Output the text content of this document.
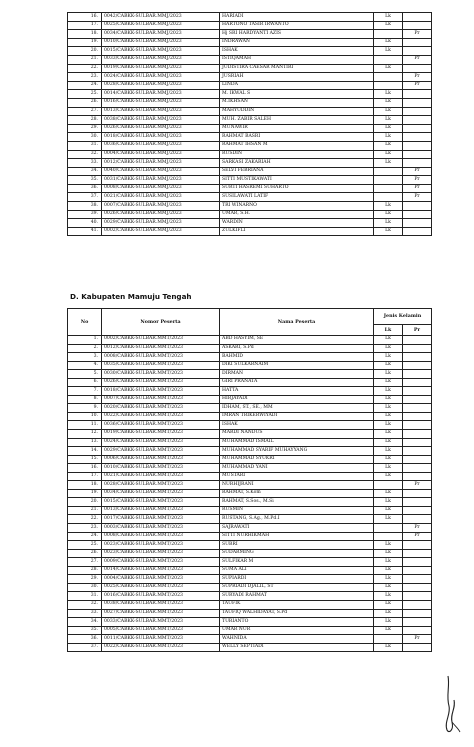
16.	0042/CABKK-SULBAR.MMJ/2023	HARIADI	Lk	
17.	0025/CABKK-SULBAR.MMJ/2023	HARTONO TASIR IRWANTO	Lk	
18.	0034/CABKK-SULBAR.MMJ/2023	Hj SRI HARDYANTI AZIS		Pr
19.	0010/CABKK-SULBAR.MMJ/2023	INDRAWAN	Lk	
20.	0015/CABKK-SULBAR.MMJ/2023	ISHAK	Lk	
21.	0033/CABKK-SULBAR.MMJ/2023	ISTIQAMAH		Pr
22.	0019/CABKK-SULBAR.MMJ/2023	JUDISTIRA CAESAR MANTIRI	Lk	
23.	0024/CABKK-SULBAR.MMJ/2023	JUSRIAH		Pr
24.	0028/CABKK-SULBAR.MMJ/2023	LINDA		Pr
25.	0014/CABKK-SULBAR.MMJ/2023	M. IKWAL S	Lk	
26.	0016/CABKK-SULBAR.MMJ/2023	M.IKHSAN	Lk	
27.	0013/CABKK-SULBAR.MMJ/2023	MAHYUDDIN	Lk	
28.	0038/CABKK-SULBAR.MMJ/2023	MUH. ZABIR SALEH	Lk	
29.	0026/CABKK-SULBAR.MMJ/2023	MUNAWIR	Lk	
30.	0018/CABKK-SULBAR.MMJ/2023	RAHMAT BASRI	Lk	
31.	0036/CABKK-SULBAR.MMJ/2023	RAHMAT IHSAN M	Lk	
32.	0004/CABKK-SULBAR.MMJ/2023	RUSDIN	Lk	
33.	0012/CABKK-SULBAR.MMJ/2023	SARKASI ZAKARIAH	Lk	
34.	0040/CABKK-SULBAR.MMJ/2023	SELVI FEBRIANA		Pr
35.	0031/CABKK-SULBAR.MMJ/2023	SITTI MUSTIKAWATI		Pr
36.	0008/CABKK-SULBAR.MMJ/2023	SURTI HASREMI SUHARTO		Pr
37.	0021/CABKK-SULBAR.MMJ/2023	SUSILAWATI LATIF		Pr
38.	0007/CABKK-SULBAR.MMJ/2023	TRI WINARNO	Lk	
39.	0026/CABKK-SULBAR.MMJ/2023	UMAR, S.H.	Lk	
40.	0029/CABKK-SULBAR.MMJ/2023	WARDIN	Lk	
41.	0002/CABKK-SULBAR.MMJ/2023	ZULKIFLI	Lk	
D. Kabupaten Mamuju Tengah
No	Nomor Peserta	Nama Peserta	Jenis Kelamin	
			Lk	Pr
1.	0002/CABKK-SULBAR.MMT/2023	ABD HASYIM, SE	Lk	
2.	0012/CABKK-SULBAR.MMT/2023	ASKARI, S.Pd	Lk	
3.	0008/CABKK-SULBAR.MMT/2023	BAHMID	Lk	
4.	0035/CABKK-SULBAR.MMT/2023	DIKI SULKARNAIM	Lk	
5.	0030/CABKK-SULBAR.MMT/2023	DIRMAN	Lk	
6.	0026/CABKK-SULBAR.MMT/2023	GIRI PRANATA	Lk	
7.	0018/CABKK-SULBAR.MMT/2023	HATTA	Lk	
8.	0007/CABKK-SULBAR.MMT/2023	HIRJAYADI	Lk	
9.	0020/CABKK-SULBAR.MMT/2023	IDHAM, ST., SE., MM	Lk	
10.	0022/CABKK-SULBAR.MMT/2023	IMRAN TRIKERWIYADI	Lk	
11.	0036/CABKK-SULBAR.MMT/2023	ISHAK	Lk	
12.	0019/CABKK-SULBAR.MMT/2023	MARDI NANDUS	Lk	
13.	0024/CABKK-SULBAR.MMT/2023	MUHAMMAD ISMAIL	Lk	
14.	0029/CABKK-SULBAR.MMT/2023	MUHAMMAD SYARIF MUHAYYANG	Lk	
15.	0006/CABKK-SULBAR.MMT/2023	MUHAMMAD SYUKRI	Lk	
16.	0010/CABKK-SULBAR.MMT/2023	MUHAMMAD YANI	Lk	
17.	0021/CABKK-SULBAR.MMT/2023	MUSTARI	Lk	
18.	0028/CABKK-SULBAR.MMT/2023	NURHIJRANI		Pr
19.	0034/CABKK-SULBAR.MMT/2023	RAHMAT, S.Kom	Lk	
20.	0015/CABKK-SULBAR.MMT/2023	RAHMAT, S.Sos., M.Si	Lk	
21.	0013/CABKK-SULBAR.MMT/2023	RUSMIN	Lk	
22.	0017/CABKK-SULBAR.MMT/2023	RUSTANG, S.Ag., M.Pd.I	Lk	
23.	0003/CABKK-SULBAR.MMT/2023	SAJRAWATI		Pr
24.	0008/CABKK-SULBAR.MMT/2023	SITTI NURHIKMAH		Pr
25.	0023/CABKK-SULBAR.MMT/2023	SUBRI	Lk	
26.	0023/CABKK-SULBAR.MMT/2023	SUDARMING	Lk	
27.	0009/CABKK-SULBAR.MMT/2023	SULFIKAR M	Lk	
28.	0014/CABKK-SULBAR.MMT/2023	SUMA ALI	Lk	
29.	0004/CABKK-SULBAR.MMT/2023	SUPIARDI	Lk	
30.	0025/CABKK-SULBAR.MMT/2023	SUPRIADI DJALIL, ST	Lk	
31.	0016/CABKK-SULBAR.MMT/2023	SURYADI RAHMAT	Lk	
32.	0038/CABKK-SULBAR.MMT/2023	TAUFIK	Lk	
33.	0027/CABKK-SULBAR.MMT/2023	TAUFIQ WALHIDAYAT, S.Pd	Lk	
34.	0033/CABKK-SULBAR.MMT/2023	TURIANTO	Lk	
35.	0005/CABKK-SULBAR.MMT/2023	UMAR NUR	Lk	
36.	0011/CABKK-SULBAR.MMT/2023	WAHNIDA		Pr
37.	0022/CABKK-SULBAR.MMT/2023	WELLY SEPTIADI	Lk	
